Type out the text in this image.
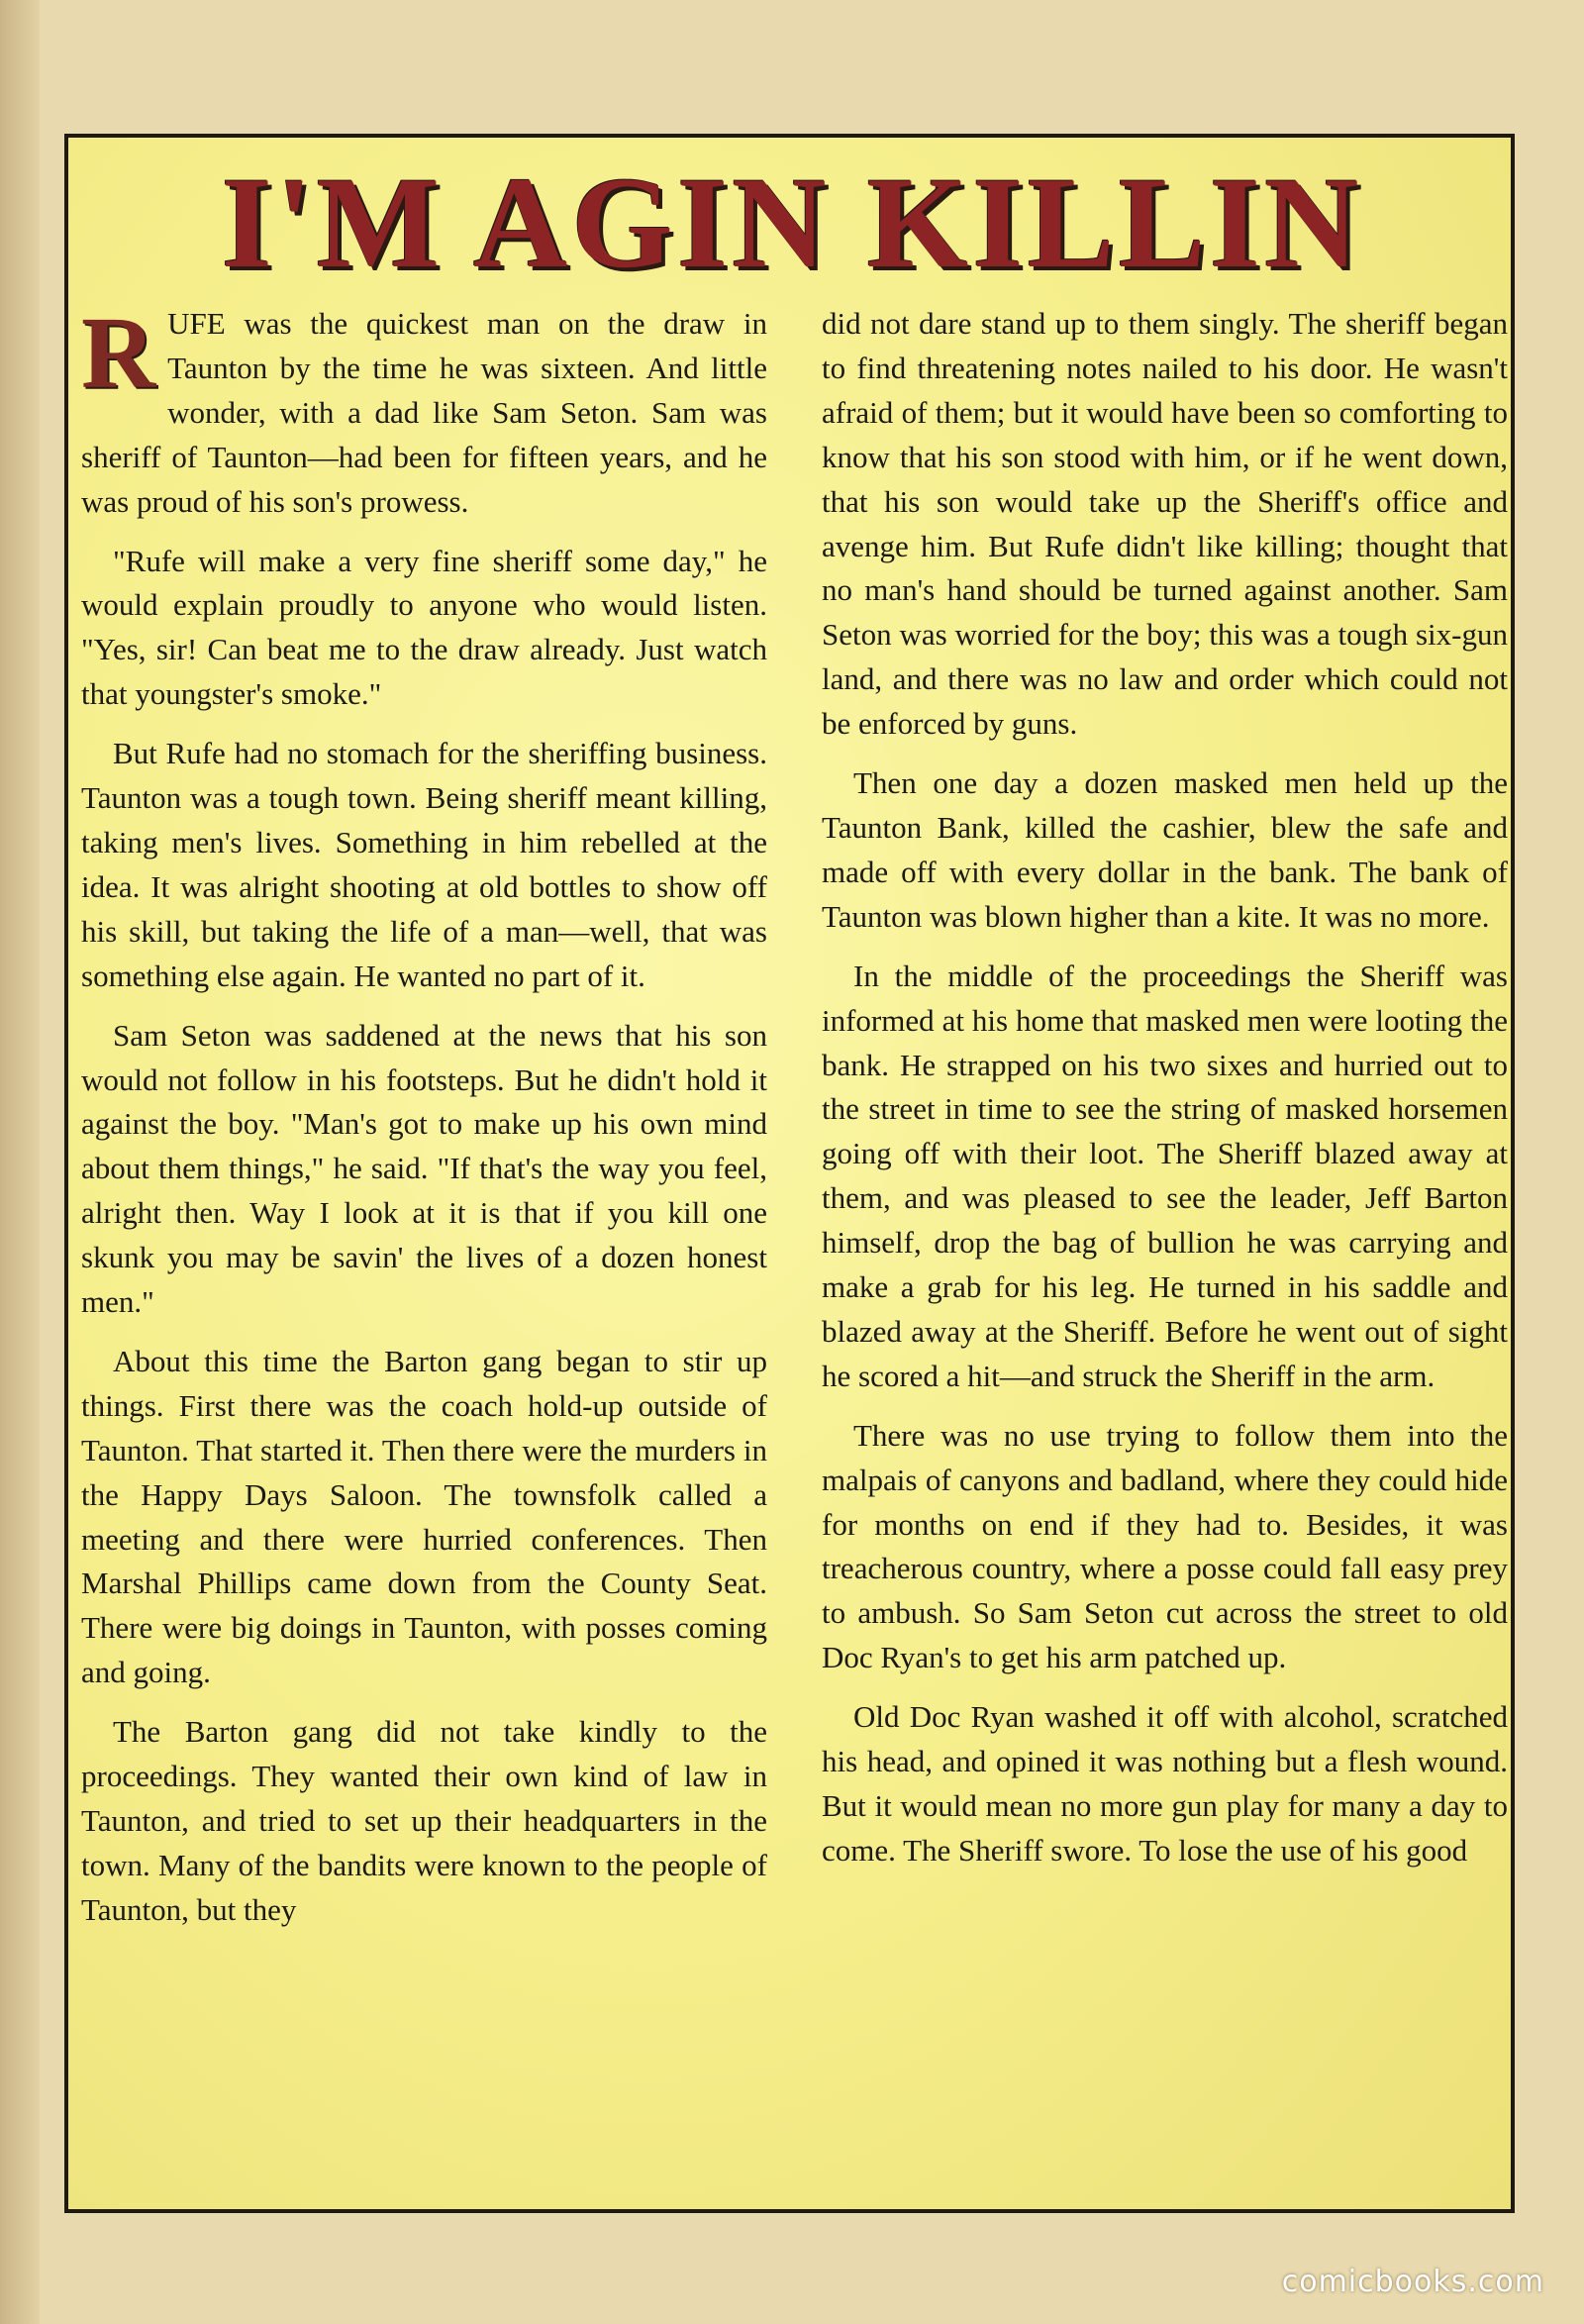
I'M AGIN KILLIN

RUFE was the quickest man on the draw in Taunton by the time he was sixteen. And little wonder, with a dad like Sam Seton. Sam was sheriff of Taunton—had been for fifteen years, and he was proud of his son's prowess.

"Rufe will make a very fine sheriff some day," he would explain proudly to anyone who would listen. "Yes, sir! Can beat me to the draw already. Just watch that youngster's smoke."

But Rufe had no stomach for the sheriffing business. Taunton was a tough town. Being sheriff meant killing, taking men's lives. Something in him rebelled at the idea. It was alright shooting at old bottles to show off his skill, but taking the life of a man—well, that was something else again. He wanted no part of it.

Sam Seton was saddened at the news that his son would not follow in his footsteps. But he didn't hold it against the boy. "Man's got to make up his own mind about them things," he said. "If that's the way you feel, alright then. Way I look at it is that if you kill one skunk you may be savin' the lives of a dozen honest men."

About this time the Barton gang began to stir up things. First there was the coach hold-up outside of Taunton. That started it. Then there were the murders in the Happy Days Saloon. The townsfolk called a meeting and there were hurried conferences. Then Marshal Phillips came down from the County Seat. There were big doings in Taunton, with posses coming and going.

The Barton gang did not take kindly to the proceedings. They wanted their own kind of law in Taunton, and tried to set up their headquarters in the town. Many of the bandits were known to the people of Taunton, but they

did not dare stand up to them singly. The sheriff began to find threatening notes nailed to his door. He wasn't afraid of them; but it would have been so comforting to know that his son stood with him, or if he went down, that his son would take up the Sheriff's office and avenge him. But Rufe didn't like killing; thought that no man's hand should be turned against another. Sam Seton was worried for the boy; this was a tough six-gun land, and there was no law and order which could not be enforced by guns.

Then one day a dozen masked men held up the Taunton Bank, killed the cashier, blew the safe and made off with every dollar in the bank. The bank of Taunton was blown higher than a kite. It was no more.

In the middle of the proceedings the Sheriff was informed at his home that masked men were looting the bank. He strapped on his two sixes and hurried out to the street in time to see the string of masked horsemen going off with their loot. The Sheriff blazed away at them, and was pleased to see the leader, Jeff Barton himself, drop the bag of bullion he was carrying and make a grab for his leg. He turned in his saddle and blazed away at the Sheriff. Before he went out of sight he scored a hit—and struck the Sheriff in the arm.

There was no use trying to follow them into the malpais of canyons and badland, where they could hide for months on end if they had to. Besides, it was treacherous country, where a posse could fall easy prey to ambush. So Sam Seton cut across the street to old Doc Ryan's to get his arm patched up.

Old Doc Ryan washed it off with alcohol, scratched his head, and opined it was nothing but a flesh wound. But it would mean no more gun play for many a day to come. The Sheriff swore. To lose the use of his good

comicbooks.com
